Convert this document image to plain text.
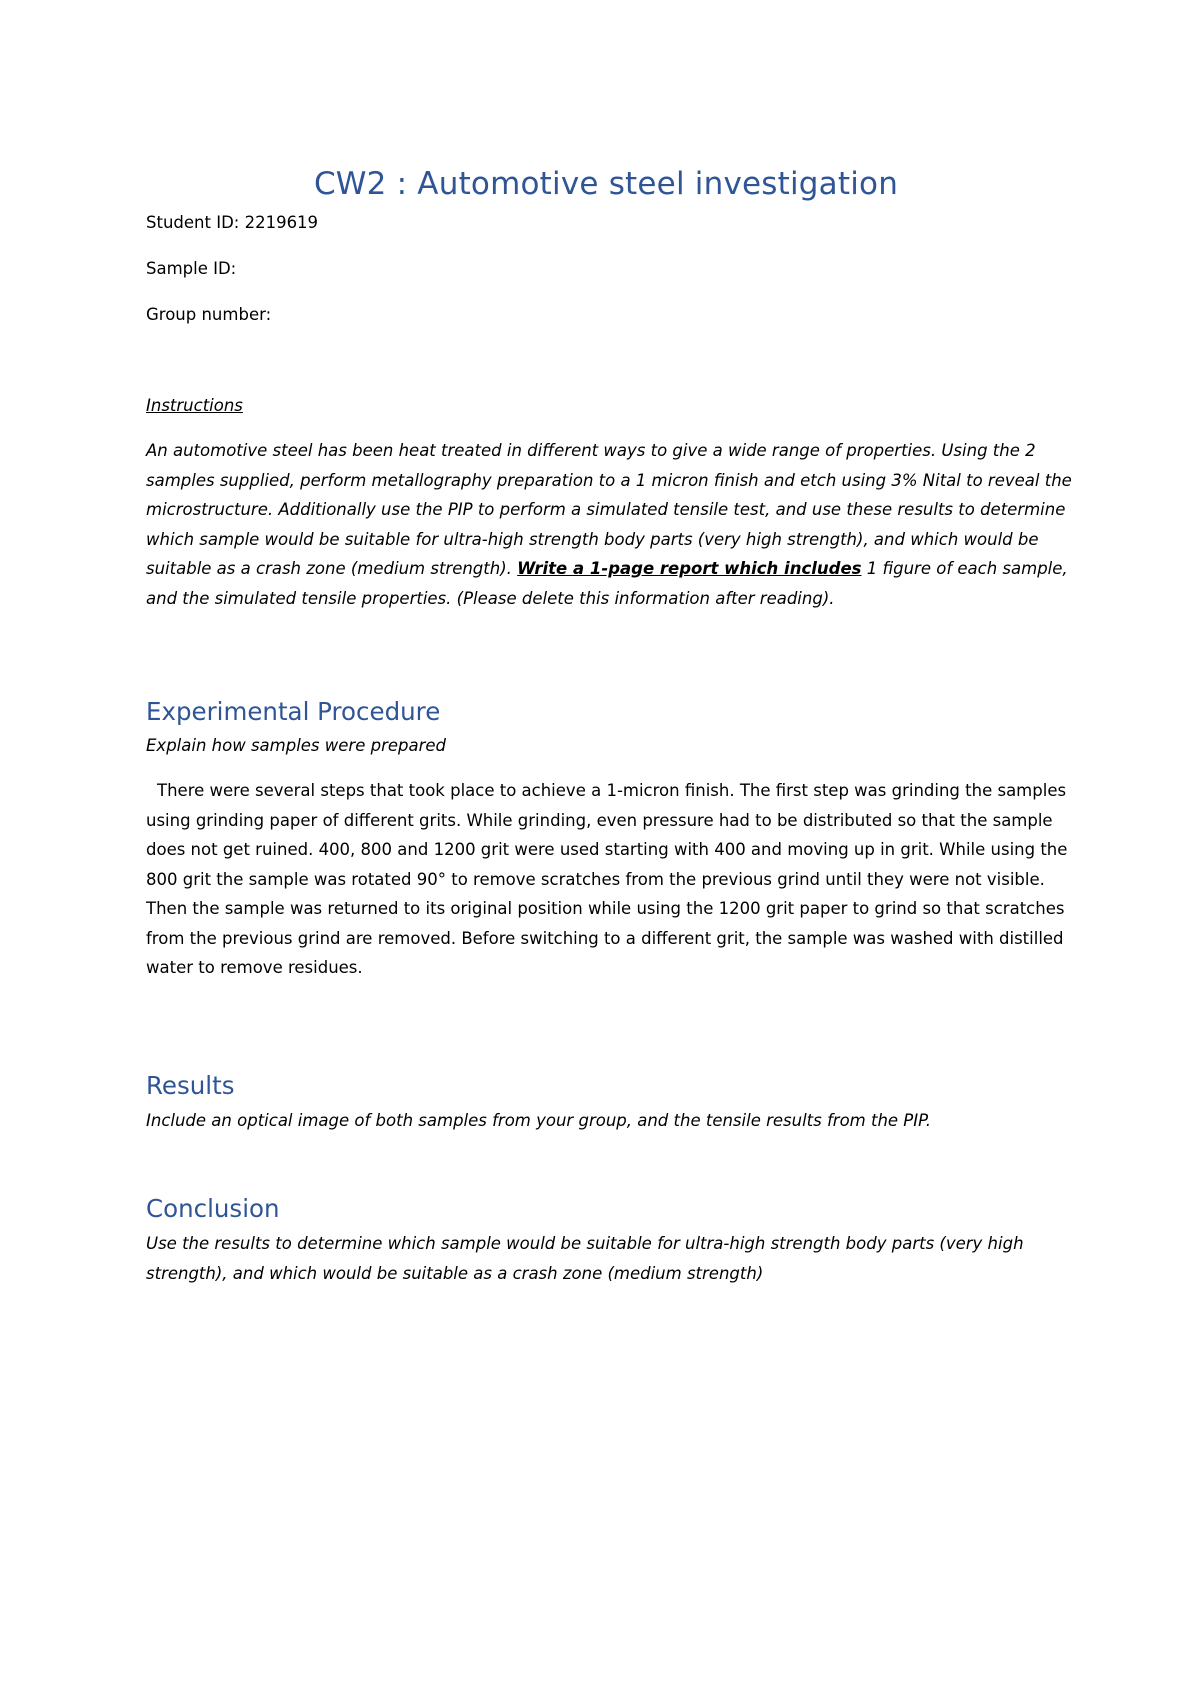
CW2 : Automotive steel investigation
Student ID: 2219619
Sample ID:
Group number:
Instructions
An automotive steel has been heat treated in different ways to give a wide range of properties. Using the 2 samples supplied, perform metallography preparation to a 1 micron finish and etch using 3% Nital to reveal the microstructure. Additionally use the PIP to perform a simulated tensile test, and use these results to determine which sample would be suitable for ultra-high strength body parts (very high strength), and which would be suitable as a crash zone (medium strength). Write a 1-page report which includes 1 figure of each sample, and the simulated tensile properties. (Please delete this information after reading).
Experimental Procedure
Explain how samples were prepared
There were several steps that took place to achieve a 1-micron finish. The first step was grinding the samples using grinding paper of different grits. While grinding, even pressure had to be distributed so that the sample does not get ruined. 400, 800 and 1200 grit were used starting with 400 and moving up in grit. While using the 800 grit the sample was rotated 90° to remove scratches from the previous grind until they were not visible. Then the sample was returned to its original position while using the 1200 grit paper to grind so that scratches from the previous grind are removed. Before switching to a different grit, the sample was washed with distilled water to remove residues.
Results
Include an optical image of both samples from your group, and the tensile results from the PIP.
Conclusion
Use the results to determine which sample would be suitable for ultra-high strength body parts (very high strength), and which would be suitable as a crash zone (medium strength)
